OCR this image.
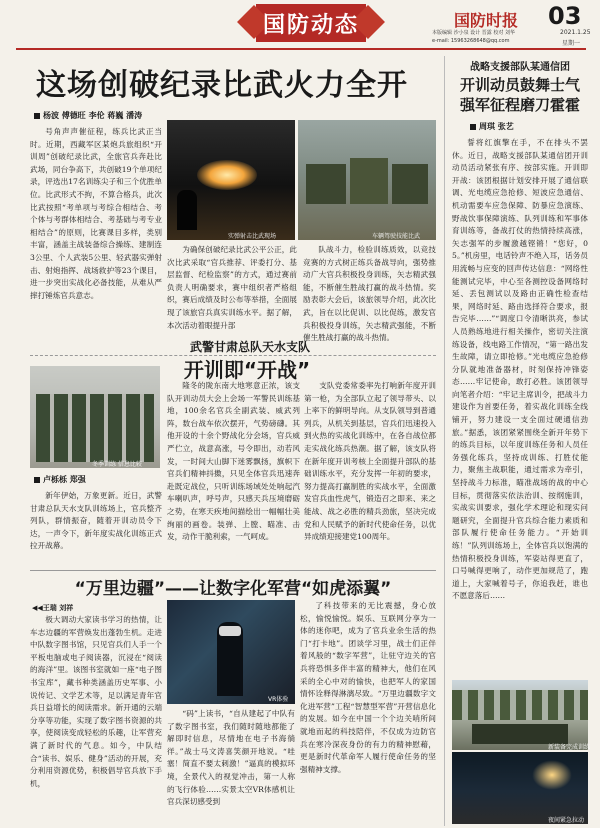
国防动态	国防时报
本版编辑 沙小泉 设计 晋露 校对 刘华
e-mail: 15963268648@qq.com
03
2021.1.25
星期一
这场创破纪录比武火力全开
杨波 傅德旺 李伦 蒋巍 潘涛

号角声声催征程，练兵比武正当时。近期，西藏军区某炮兵旅组织“开训周”创破纪录比武，全旅官兵奔赴比武场，同台争高下，共创破19个单项纪录，评选出17名训练尖子和三个优胜单位。比武形式不拘，不算合格兵，此次比武按照“考单项与考综合相结合、考个体与考群体相结合、考基础与考专业相结合”的原则，比赛课目多样，类别丰富，涵盖主战装备综合操练、建制连3公里、个人武装5公里、轻武器实弹射击、射炮指挥、战场救护等23个课目，进一步突出实战化必备技能，从难从严摔打锤炼官兵意志。

实弹射击比武现场	车辆驾驶技能比武

为确保创破纪录比武公平公正，此次比武采取“官兵推荐、评委打分、基层监督、纪检监察”的方式，通过赛前负责人明确要求，赛中组织者严格组织，赛后成绩及时公布等举措，全面展现了该旅官兵真实训练水平。据了解，本次活动着眼提升部

队战斗力，检验训练质效，以竞技竞赛的方式树正练兵备战导向，强势推动广大官兵积极投身训练，矢志精武强能，不断催生胜战打赢的战斗热情。奖励表彰大会后，该旅领导介绍，此次比武，旨在以比促训、以比促练，激发官兵积极投身训练，矢志精武强能，不断催生胜战打赢的战斗热情。

冬季训练 信息比较
武警甘肃总队天水支队
开训即“开战”
卢栎栎 郑强

新年伊始，万象更新。近日，武警甘肃总队天水支队训练场上，官兵整齐列队，群情振奋，随着开训动员令下达，一声令下，新年度实战化训练正式拉开战幕。

隆冬的陇东南大地寒意正浓，该支队开训动员大会上会场一军警民训练基地，100余名官兵全副武装、威武列阵，数台战车依次摆开，气势磅礴。其他开设的十余个野战化分会场，官兵威严伫立，战意高涨，号令即出，动若风发，一时间大山脚下迷雾飘扬，旗帜下官兵们精神抖擞，只见全体官兵迅速奔赴既定战位，只听训练场域处处响起汽车喇叭声，呼号声，只感天兵压境磨砺之势，在寒天疾地间描绘出一幅幅壮美绚丽的画卷。装弹、上膛、瞄准、击发，动作干脆利索，一气呵成。

支队党委常委率先打响新年度开训第一枪，为全部队立起了领导带头、以上率下的鲜明导向。从支队领导到普通列兵，从机关到基层，官兵们迅速投入到火热的实战化训练中，在各自战位都走实战化练兵热潮。据了解，该支队将在新年度开训考核上全面提升部队的基础训练水平，充分发挥一年初的要求，努力提高打赢制胜的实战水平，全面激发官兵血性虎气，锻造召之即来、来之能战、战之必胜的精兵劲旅，坚决完成党和人民赋予的新时代使命任务，以优异成绩迎接建党100周年。

战略支援部队某通信团
开训动员鼓舞士气
强军征程磨刀霍霍
周琪 张艺

誓将红旗擎在手，不在排头不罢休。近日，战略支援部队某通信团开训动员活动紧张有序、按部实施。开训即开战：该团根据计划安排开展了通信联调、光电缆应急抢修、短波应急通信、机动需要车应急保障、防暴应急演练、野战饮事保障演练、队列训练和军事体育训练等，备战打仗的热情持续高涨，矢志强军的步履激越铿锵！“您好，05。”机房里，电话铃声不绝入耳，话务员用流畅与应变的回声传达信息：“网络性能测试完毕，中心至各测控设备网络时延、丢包测试以及路由正确性检查结果，网络时延、路由选择符合要求，报告完毕……”“调度口令清晰洪亮，参试人员熟练地进行相关操作，密切关注演练设备，线电路工作情况，“第一路出发生故障，请立即抢修。”光电缆应急抢修分队就地准备器材，时刻保持冲锋姿态……牢记使命，敢打必胜。该团领导向笔者介绍：“牢记主席训令，把战斗力建设作为首要任务，着实战化训练全线铺开，努力建设一支全面过硬通信劲旅。”据悉，该团紧紧围绕全新开年势下的练兵目标，以年度训练任务和人员任务强化练兵，坚持成训练、打胜仗能力，聚焦主战职能，通过需求为牵引，坚持战斗力标准，瞄准战场的战的中心目标，贯彻落实依法治训、按纲施训，实战实训要求，强化学术理论和现实问题研究，全面提升官兵综合能力素质和部队履行使命任务能力。“开始训练！”队列训练场上，全体官兵以饱满的热情积极投身训练，军姿站得更直了，口号喊得更响了，动作更加规范了，跑道上，大家喊着号子，你追我赶，谁也不愿意落后……

新装备完成训练
夜间紧急拉动
“万里边疆”——让数字化军营“如虎添翼”
◀◀王瑞 刘祥

极大调动大家读书学习的热情，让车志边疆的军营焕发出蓬勃生机。走进中队数字图书馆，只见官兵们人手一个平板电脑或电子阅读器，沉浸在“阅读的海洋”里。该图书室就如一座“电子图书宝库”，藏书种类涵盖历史军事、小说传记、文学艺术等，足以满足青年官兵日益增长的阅读需求。新开通的云端分享等功能，实现了数字图书资源的共享，使阅读变成轻松的乐趣，让军营充满了新时代的气息。如今，中队结合“读书、娱乐、健身”活动的开展，充分利用资源优势，积极倡导官兵放下手机，

VR体验

“码”上读书，“自从建起了中队有了数字图书室，我们随时随地都能了解即时信息，尽情地在电子书海徜徉。”战士马文涛喜笑颜开地说。“哇塞！简直不要太刺激！”逼真的模拟环境，全景代入的视觉冲击，第一人称的飞行体验……实景太空VR体感机让官兵深切感受到

了科技带来的无比震撼，身心放松，愉悦愉悦。娱乐、互联网分享为一体的迷你吧，成为了官兵业余生活的热门“打卡地”。团谈学习里，战士们正伴着风般的“数字军营”，让驻守边关的官兵将恐惧多伴丰富的精神大，他们在风采的全心中对的愉快，也把军人的家国情怀诠释得淋漓尽致。“万里边疆数字文化进军营”工程“智慧型军营”开营信息化的发展。如今在中国一个个边关哨所间就地而起的科技陪伴，不仅成为边防官兵在寒冷深夜身份的有力的精神慰藉，更是新时代革命军人履行使命任务的坚强精神支撑。
